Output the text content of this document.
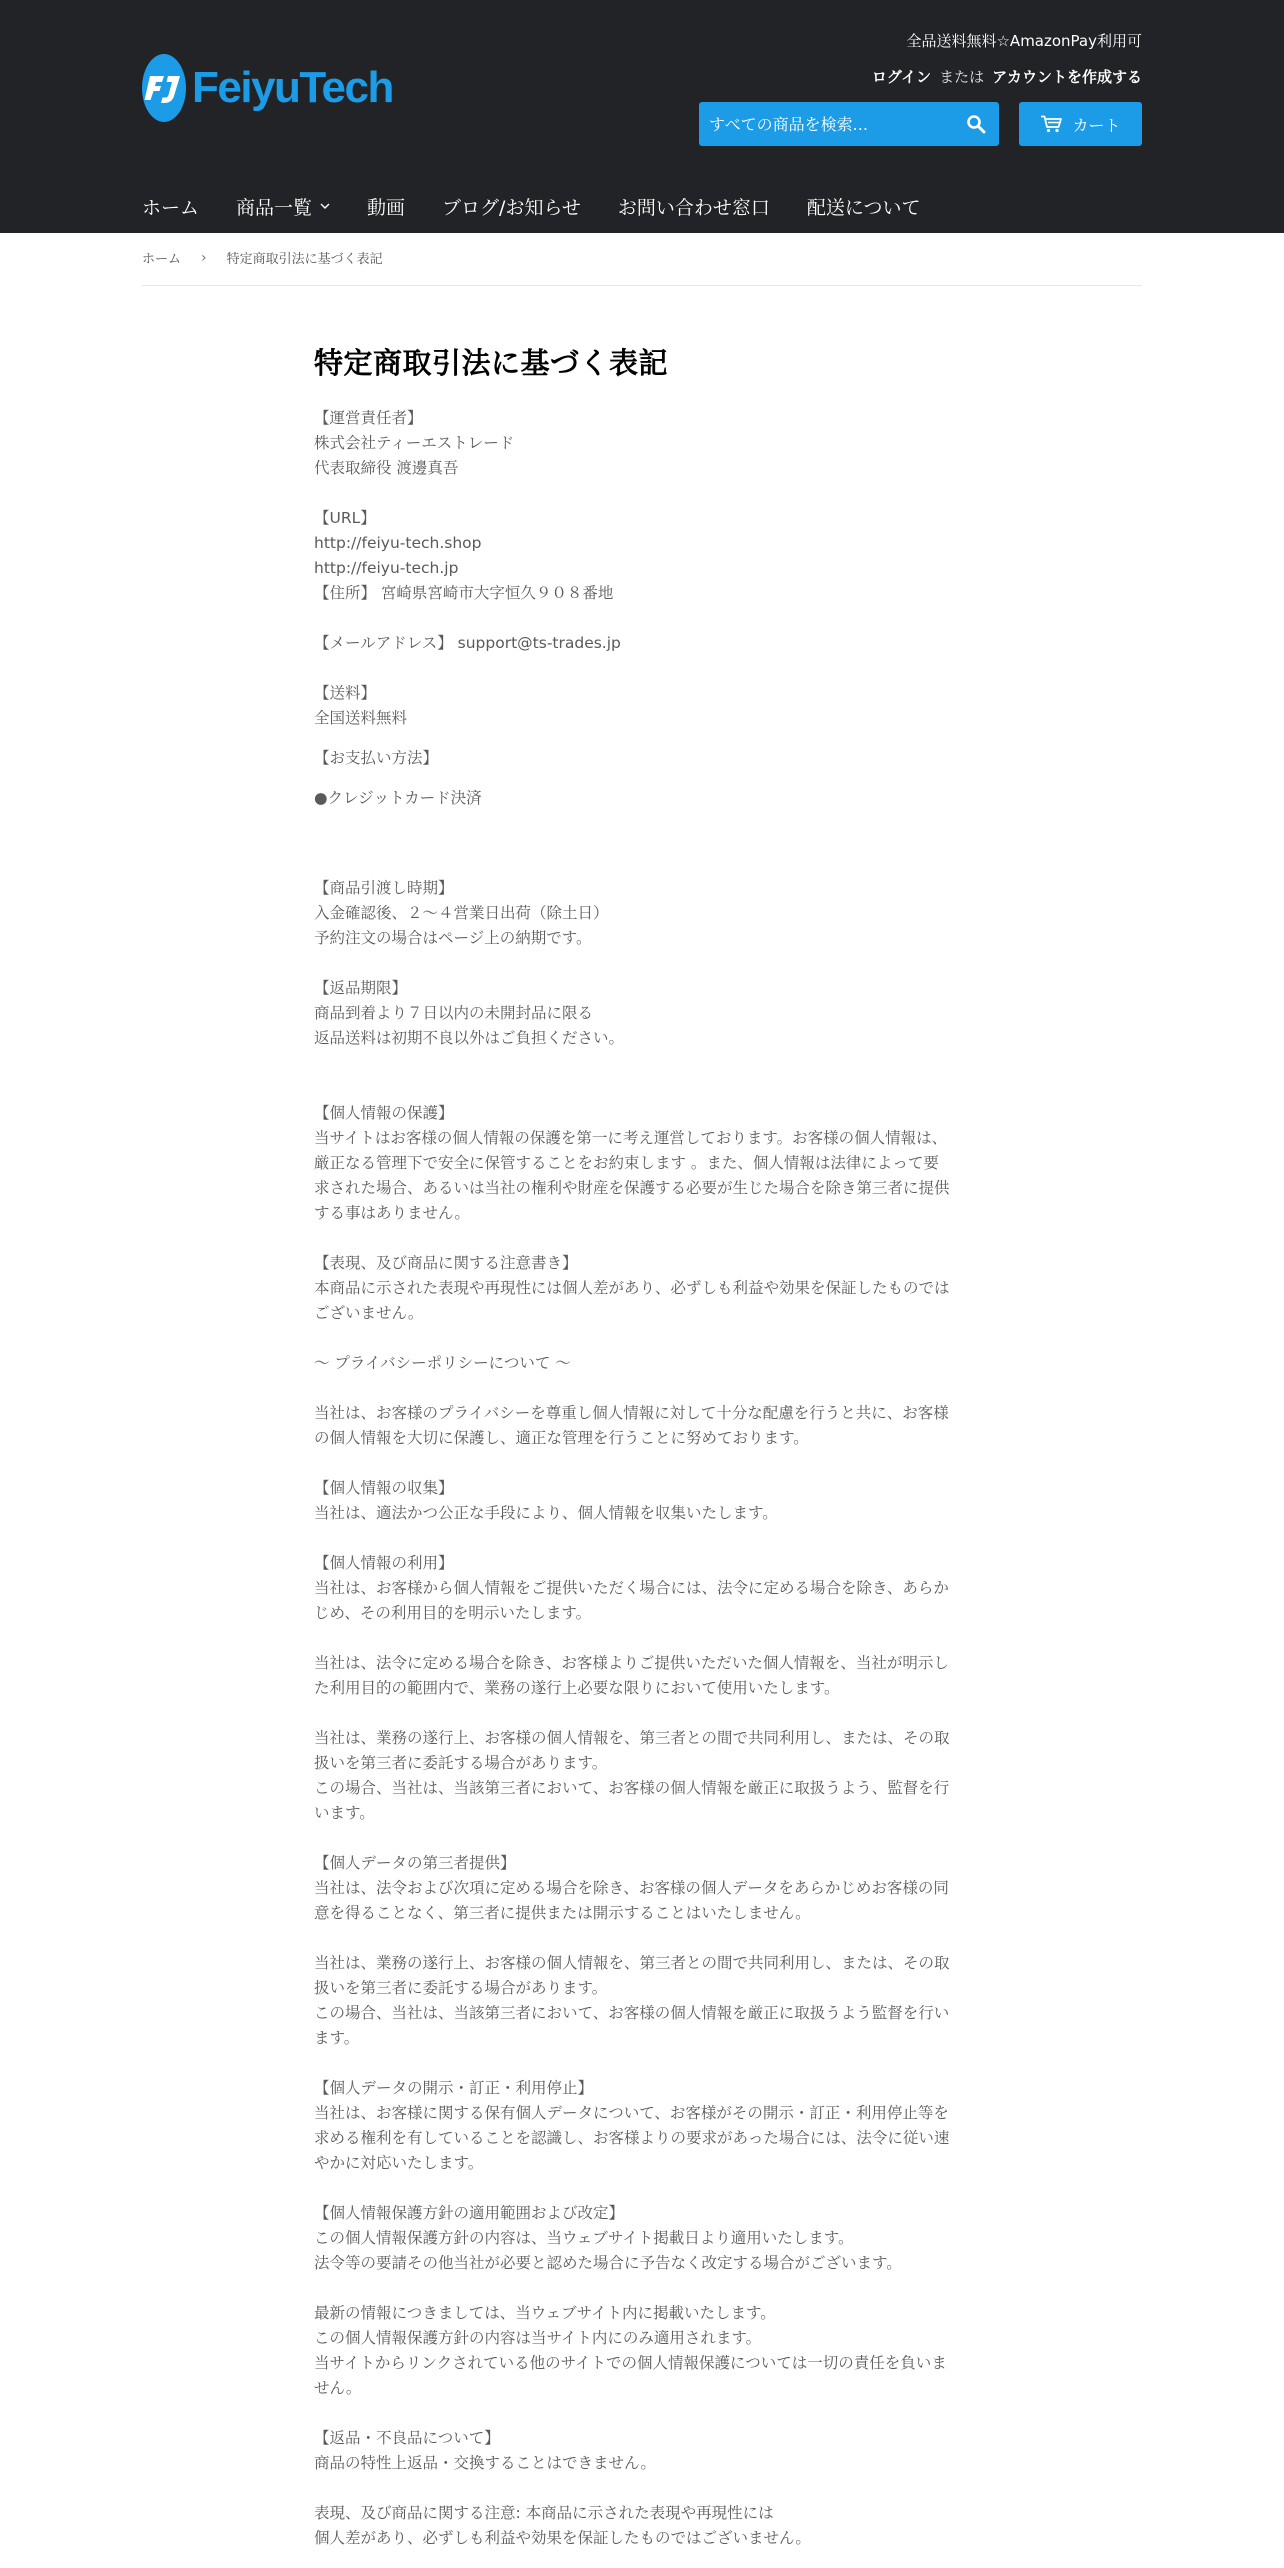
全品送料無料☆AmazonPay利用可
ログイン または アカウントを作成する
FeiyuTech
すべての商品を検索...
カート
ホーム 商品一覧	動画 ブログ/お知らせ お問い合わせ窓口 配送について
ホーム › 特定商取引法に基づく表記
特定商取引法に基づく表記

【運営責任者】

株式会社ティーエストレード

代表取締役 渡邊真吾

【URL】

http://feiyu-tech.shop

http://feiyu-tech.jp

【住所】 宮崎県宮崎市大字恒久９０８番地

【メールアドレス】 support@ts-trades.jp

【送料】

全国送料無料

【お支払い方法】

●クレジットカード決済

【商品引渡し時期】

入金確認後、２〜４営業日出荷（除土日）

予約注文の場合はページ上の納期です。

【返品期限】

商品到着より７日以内の未開封品に限る

返品送料は初期不良以外はご負担ください。

【個人情報の保護】

当サイトはお客様の個人情報の保護を第一に考え運営しております。お客様の個人情報は、

厳正なる管理下で安全に保管することをお約束します 。また、個人情報は法律によって要

求された場合、あるいは当社の権利や財産を保護する必要が生じた場合を除き第三者に提供

する事はありません。

【表現、及び商品に関する注意書き】

本商品に示された表現や再現性には個人差があり、必ずしも利益や効果を保証したものでは

ございません。

〜 プライバシーポリシーについて 〜

当社は、お客様のプライバシーを尊重し個人情報に対して十分な配慮を行うと共に、お客様

の個人情報を大切に保護し、適正な管理を行うことに努めております。

【個人情報の収集】

当社は、適法かつ公正な手段により、個人情報を収集いたします。

【個人情報の利用】

当社は、お客様から個人情報をご提供いただく場合には、法令に定める場合を除き、あらか

じめ、その利用目的を明示いたします。

当社は、法令に定める場合を除き、お客様よりご提供いただいた個人情報を、当社が明示し

た利用目的の範囲内で、業務の遂行上必要な限りにおいて使用いたします。

当社は、業務の遂行上、お客様の個人情報を、第三者との間で共同利用し、または、その取

扱いを第三者に委託する場合があります。

この場合、当社は、当該第三者において、お客様の個人情報を厳正に取扱うよう、監督を行

います。

【個人データの第三者提供】

当社は、法令および次項に定める場合を除き、お客様の個人データをあらかじめお客様の同

意を得ることなく、第三者に提供または開示することはいたしません。

当社は、業務の遂行上、お客様の個人情報を、第三者との間で共同利用し、または、その取

扱いを第三者に委託する場合があります。

この場合、当社は、当該第三者において、お客様の個人情報を厳正に取扱うよう監督を行い

ます。

【個人データの開示・訂正・利用停止】

当社は、お客様に関する保有個人データについて、お客様がその開示・訂正・利用停止等を

求める権利を有していることを認識し、お客様よりの要求があった場合には、法令に従い速

やかに対応いたします。

【個人情報保護方針の適用範囲および改定】

この個人情報保護方針の内容は、当ウェブサイト掲載日より適用いたします。

法令等の要請その他当社が必要と認めた場合に予告なく改定する場合がございます。

最新の情報につきましては、当ウェブサイト内に掲載いたします。

この個人情報保護方針の内容は当サイト内にのみ適用されます。

当サイトからリンクされている他のサイトでの個人情報保護については一切の責任を負いま

せん。

【返品・不良品について】

商品の特性上返品・交換することはできません。

表現、及び商品に関する注意: 本商品に示された表現や再現性には

個人差があり、必ずしも利益や効果を保証したものではございません。
